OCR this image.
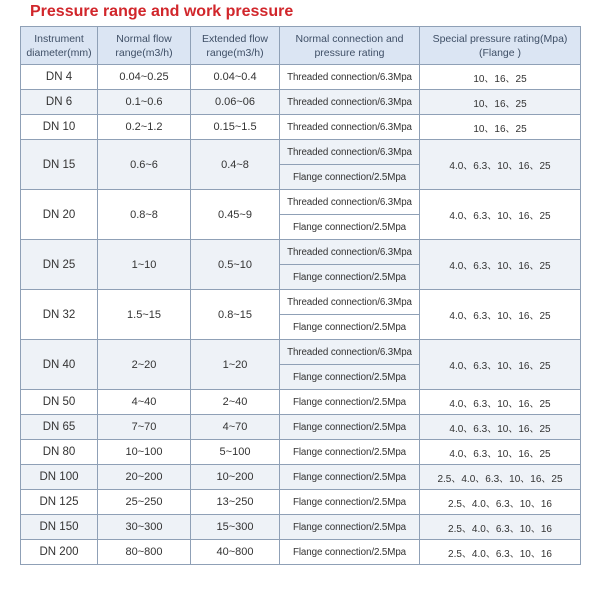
Pressure range and work pressure
Instrument diameter(mm)	Normal flow range(m3/h)	Extended flow range(m3/h)	Normal connection and pressure rating	Special pressure rating(Mpa)(Flange )
DN 4	0.04~0.25	0.04~0.4	Threaded connection/6.3Mpa	10、16、25
DN 6	0.1~0.6	0.06~06	Threaded connection/6.3Mpa	10、16、25
DN 10	0.2~1.2	0.15~1.5	Threaded connection/6.3Mpa	10、16、25
DN 15	0.6~6	0.4~8	Threaded connection/6.3Mpa	4.0、6.3、10、16、25
			Flange connection/2.5Mpa	
DN 20	0.8~8	0.45~9	Threaded connection/6.3Mpa	4.0、6.3、10、16、25
			Flange connection/2.5Mpa	
DN 25	1~10	0.5~10	Threaded connection/6.3Mpa	4.0、6.3、10、16、25
			Flange connection/2.5Mpa	
DN 32	1.5~15	0.8~15	Threaded connection/6.3Mpa	4.0、6.3、10、16、25
			Flange connection/2.5Mpa	
DN 40	2~20	1~20	Threaded connection/6.3Mpa	4.0、6.3、10、16、25
			Flange connection/2.5Mpa	
DN 50	4~40	2~40	Flange connection/2.5Mpa	4.0、6.3、10、16、25
DN 65	7~70	4~70	Flange connection/2.5Mpa	4.0、6.3、10、16、25
DN 80	10~100	5~100	Flange connection/2.5Mpa	4.0、6.3、10、16、25
DN 100	20~200	10~200	Flange connection/2.5Mpa	2.5、4.0、6.3、10、16、25
DN 125	25~250	13~250	Flange connection/2.5Mpa	2.5、4.0、6.3、10、16
DN 150	30~300	15~300	Flange connection/2.5Mpa	2.5、4.0、6.3、10、16
DN 200	80~800	40~800	Flange connection/2.5Mpa	2.5、4.0、6.3、10、16
